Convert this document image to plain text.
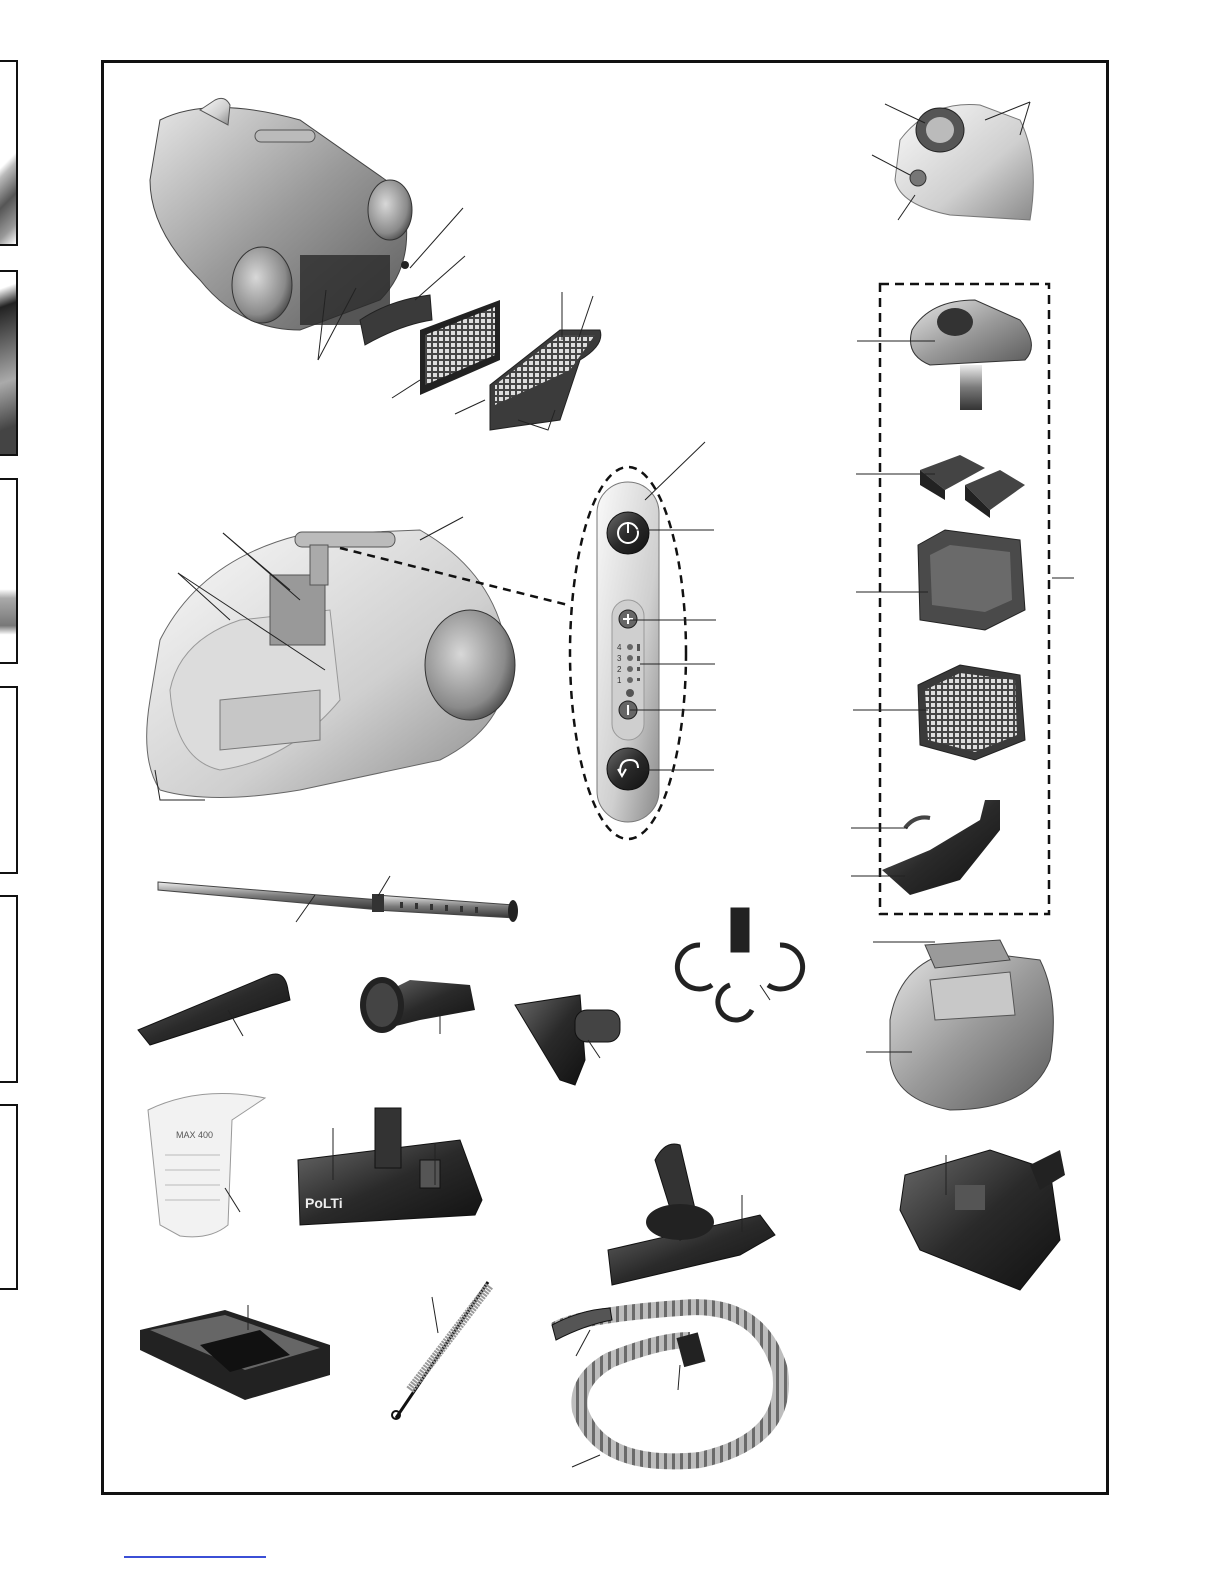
4
3
2
1
MAX 400
PoLTi
